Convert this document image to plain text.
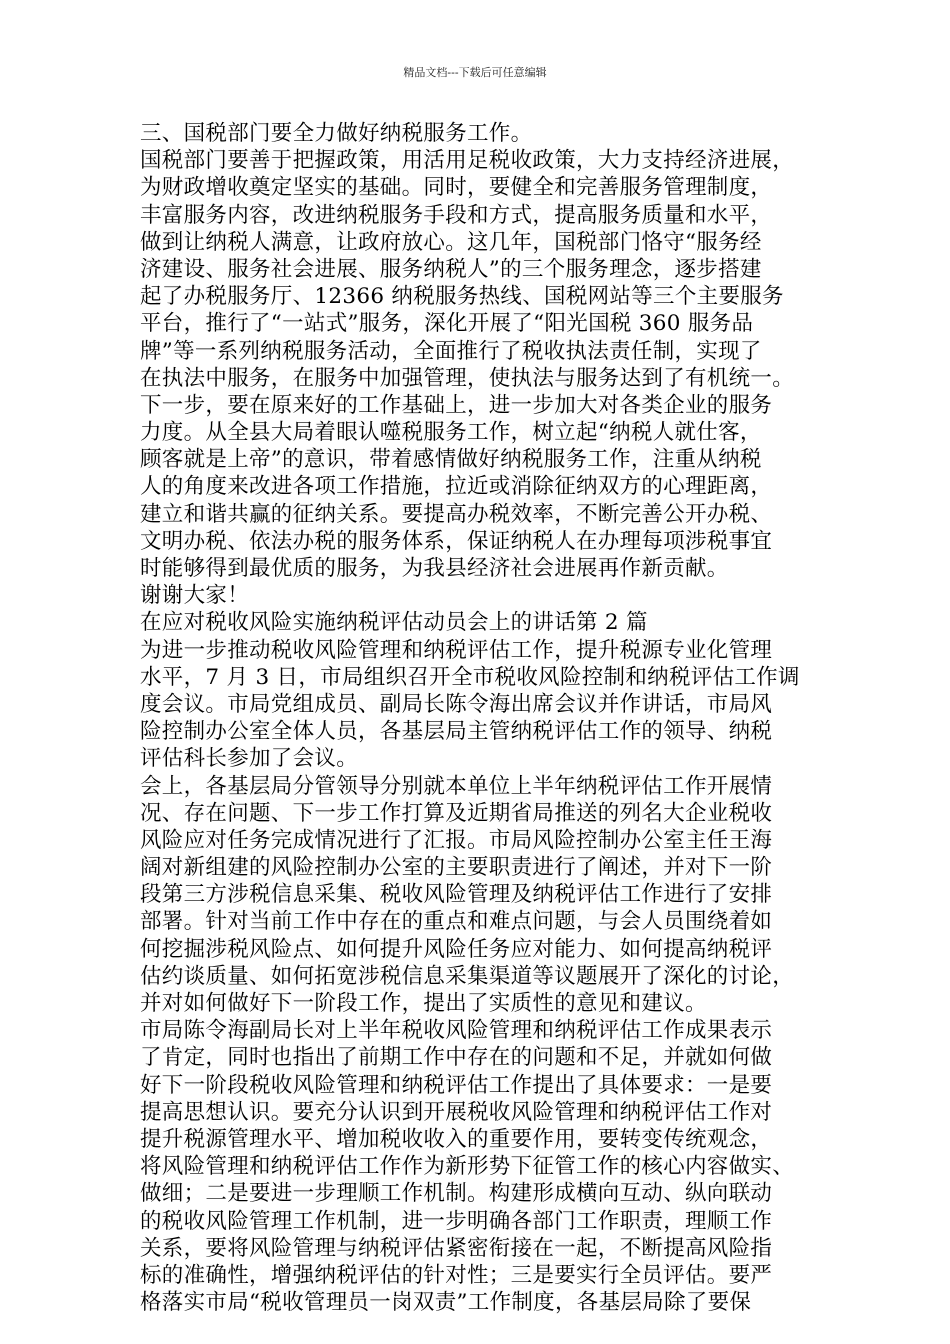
精品文档---下载后可任意编辑
三、国税部门要全力做好纳税服务工作。
国税部门要善于把握政策，用活用足税收政策，大力支持经济进展，
为财政增收奠定坚实的基础。同时，要健全和完善服务管理制度，
丰富服务内容，改进纳税服务手段和方式，提高服务质量和水平，
做到让纳税人满意，让政府放心。这几年，国税部门恪守“服务经
济建设、服务社会进展、服务纳税人”的三个服务理念，逐步搭建
起了办税服务厅、12366 纳税服务热线、国税网站等三个主要服务
平台，推行了“一站式”服务，深化开展了“阳光国税 360 服务品
牌”等一系列纳税服务活动，全面推行了税收执法责任制，实现了
在执法中服务，在服务中加强管理，使执法与服务达到了有机统一。
下一步，要在原来好的工作基础上，进一步加大对各类企业的服务
力度。从全县大局着眼认噬税服务工作，树立起“纳税人就仕客，
顾客就是上帝”的意识，带着感情做好纳税服务工作，注重从纳税
人的角度来改进各项工作措施，拉近或消除征纳双方的心理距离，
建立和谐共赢的征纳关系。要提高办税效率，不断完善公开办税、
文明办税、依法办税的服务体系，保证纳税人在办理每项涉税事宜
时能够得到最优质的服务，为我县经济社会进展再作新贡献。
谢谢大家！
在应对税收风险实施纳税评估动员会上的讲话第 2 篇
为进一步推动税收风险管理和纳税评估工作，提升税源专业化管理
水平，7 月 3 日，市局组织召开全市税收风险控制和纳税评估工作调
度会议。市局党组成员、副局长陈令海出席会议并作讲话，市局风
险控制办公室全体人员，各基层局主管纳税评估工作的领导、纳税
评估科长参加了会议。
会上，各基层局分管领导分别就本单位上半年纳税评估工作开展情
况、存在问题、下一步工作打算及近期省局推送的列名大企业税收
风险应对任务完成情况进行了汇报。市局风险控制办公室主任王海
阔对新组建的风险控制办公室的主要职责进行了阐述，并对下一阶
段第三方涉税信息采集、税收风险管理及纳税评估工作进行了安排
部署。针对当前工作中存在的重点和难点问题，与会人员围绕着如
何挖掘涉税风险点、如何提升风险任务应对能力、如何提高纳税评
估约谈质量、如何拓宽涉税信息采集渠道等议题展开了深化的讨论，
并对如何做好下一阶段工作，提出了实质性的意见和建议。
市局陈令海副局长对上半年税收风险管理和纳税评估工作成果表示
了肯定，同时也指出了前期工作中存在的问题和不足，并就如何做
好下一阶段税收风险管理和纳税评估工作提出了具体要求：一是要
提高思想认识。要充分认识到开展税收风险管理和纳税评估工作对
提升税源管理水平、增加税收收入的重要作用，要转变传统观念，
将风险管理和纳税评估工作作为新形势下征管工作的核心内容做实、
做细；二是要进一步理顺工作机制。构建形成横向互动、纵向联动
的税收风险管理工作机制，进一步明确各部门工作职责，理顺工作
关系，要将风险管理与纳税评估紧密衔接在一起，不断提高风险指
标的准确性，增强纳税评估的针对性；三是要实行全员评估。要严
格落实市局“税收管理员一岗双责”工作制度，各基层局除了要保
